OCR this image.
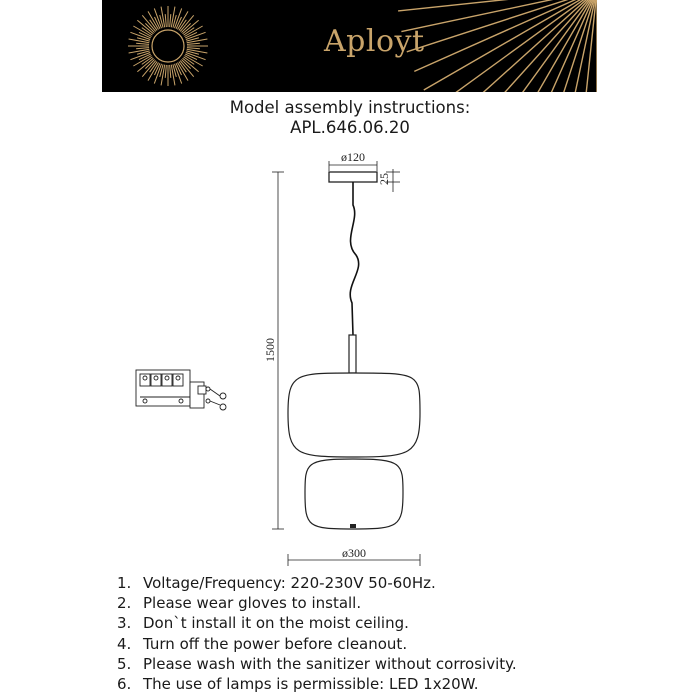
Aployt
Model assembly instructions:
APL.646.06.20
ø120
25
1500
ø300
1. Voltage/Frequency: 220-230V 50-60Hz.
2. Please wear gloves to install.
3. Don`t install it on the moist ceiling.
4. Turn off the power before cleanout.
5. Please wash with the sanitizer without corrosivity.
6. The use of lamps is permissible: LED 1x20W.
